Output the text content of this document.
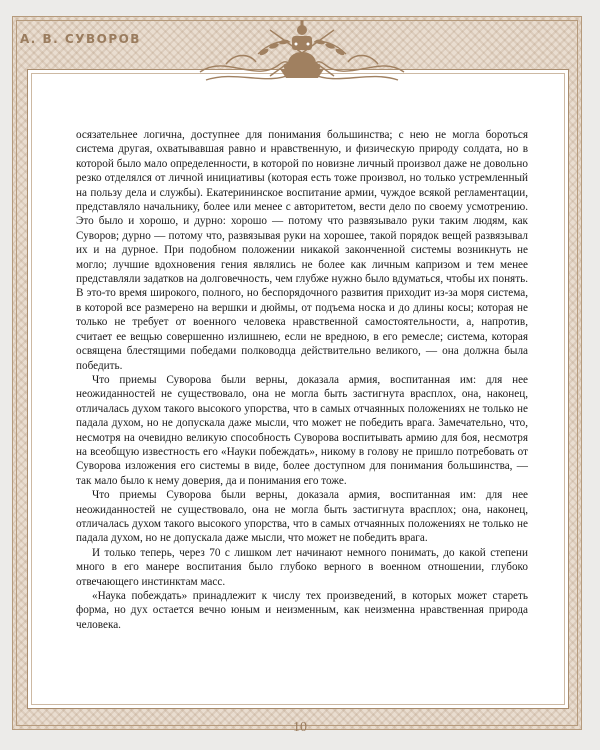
А. В. СУВОРОВ

осязательнее логична, доступнее для понимания большинства; с нею не могла бороться система другая, охватывавшая равно и нравственную, и физическую природу солдата, но в которой было мало определенности, в которой по новизне личный произвол даже не довольно резко отделялся от личной инициативы (которая есть тоже произвол, но только устремленный на пользу дела и службы). Екатерининское воспитание армии, чуждое всякой регламентации, представляло начальнику, более или менее с авторитетом, вести дело по своему усмотрению. Это было и хорошо, и дурно: хорошо — потому что развязывало руки таким людям, как Суворов; дурно — потому что, развязывая руки на хорошее, такой порядок вещей развязывал их и на дурное. При подобном положении никакой законченной системы возникнуть не могло; лучшие вдохновения гения являлись не более как личным капризом и тем менее представляли задатков на долговечность, чем глубже нужно было вдуматься, чтобы их понять. В это-то время широкого, полного, но беспорядочного развития приходит из-за моря система, в которой все размерено на вершки и дюймы, от подъема носка и до длины косы; которая не только не требует от военного человека нравственной самостоятельности, а, напротив, считает ее вещью совершенно излишнею, если не вредною, в его ремесле; система, которая освящена блестящими победами полководца действительно великого, — она должна была победить.

Что приемы Суворова были верны, доказала армия, воспитанная им: для нее неожиданностей не существовало, она не могла быть застигнута врасплох, она, наконец, отличалась духом такого высокого упорства, что в самых отчаянных положениях не только не падала духом, но не допускала даже мысли, что может не победить врага. Замечательно, что, несмотря на очевидно великую способность Суворова воспитывать армию для боя, несмотря на всеобщую известность его «Науки побеждать», никому в голову не пришло потребовать от Суворова изложения его системы в виде, более доступном для понимания большинства, — так мало было к нему доверия, да и понимания его тоже.

Что приемы Суворова были верны, доказала армия, воспитанная им: для нее неожиданностей не существовало, она не могла быть застигнута врасплох; она, наконец, отличалась духом такого высокого упорства, что в самых отчаянных положениях не только не падала духом, но не допускала даже мысли, что может не победить врага.

И только теперь, через 70 с лишком лет начинают немного понимать, до какой степени много в его манере воспитания было глубоко верного в военном отношении, глубоко отвечающего инстинктам масс.

«Наука побеждать» принадлежит к числу тех произведений, в которых может стареть форма, но дух остается вечно юным и неизменным, как неизменна нравственная природа человека.

10
